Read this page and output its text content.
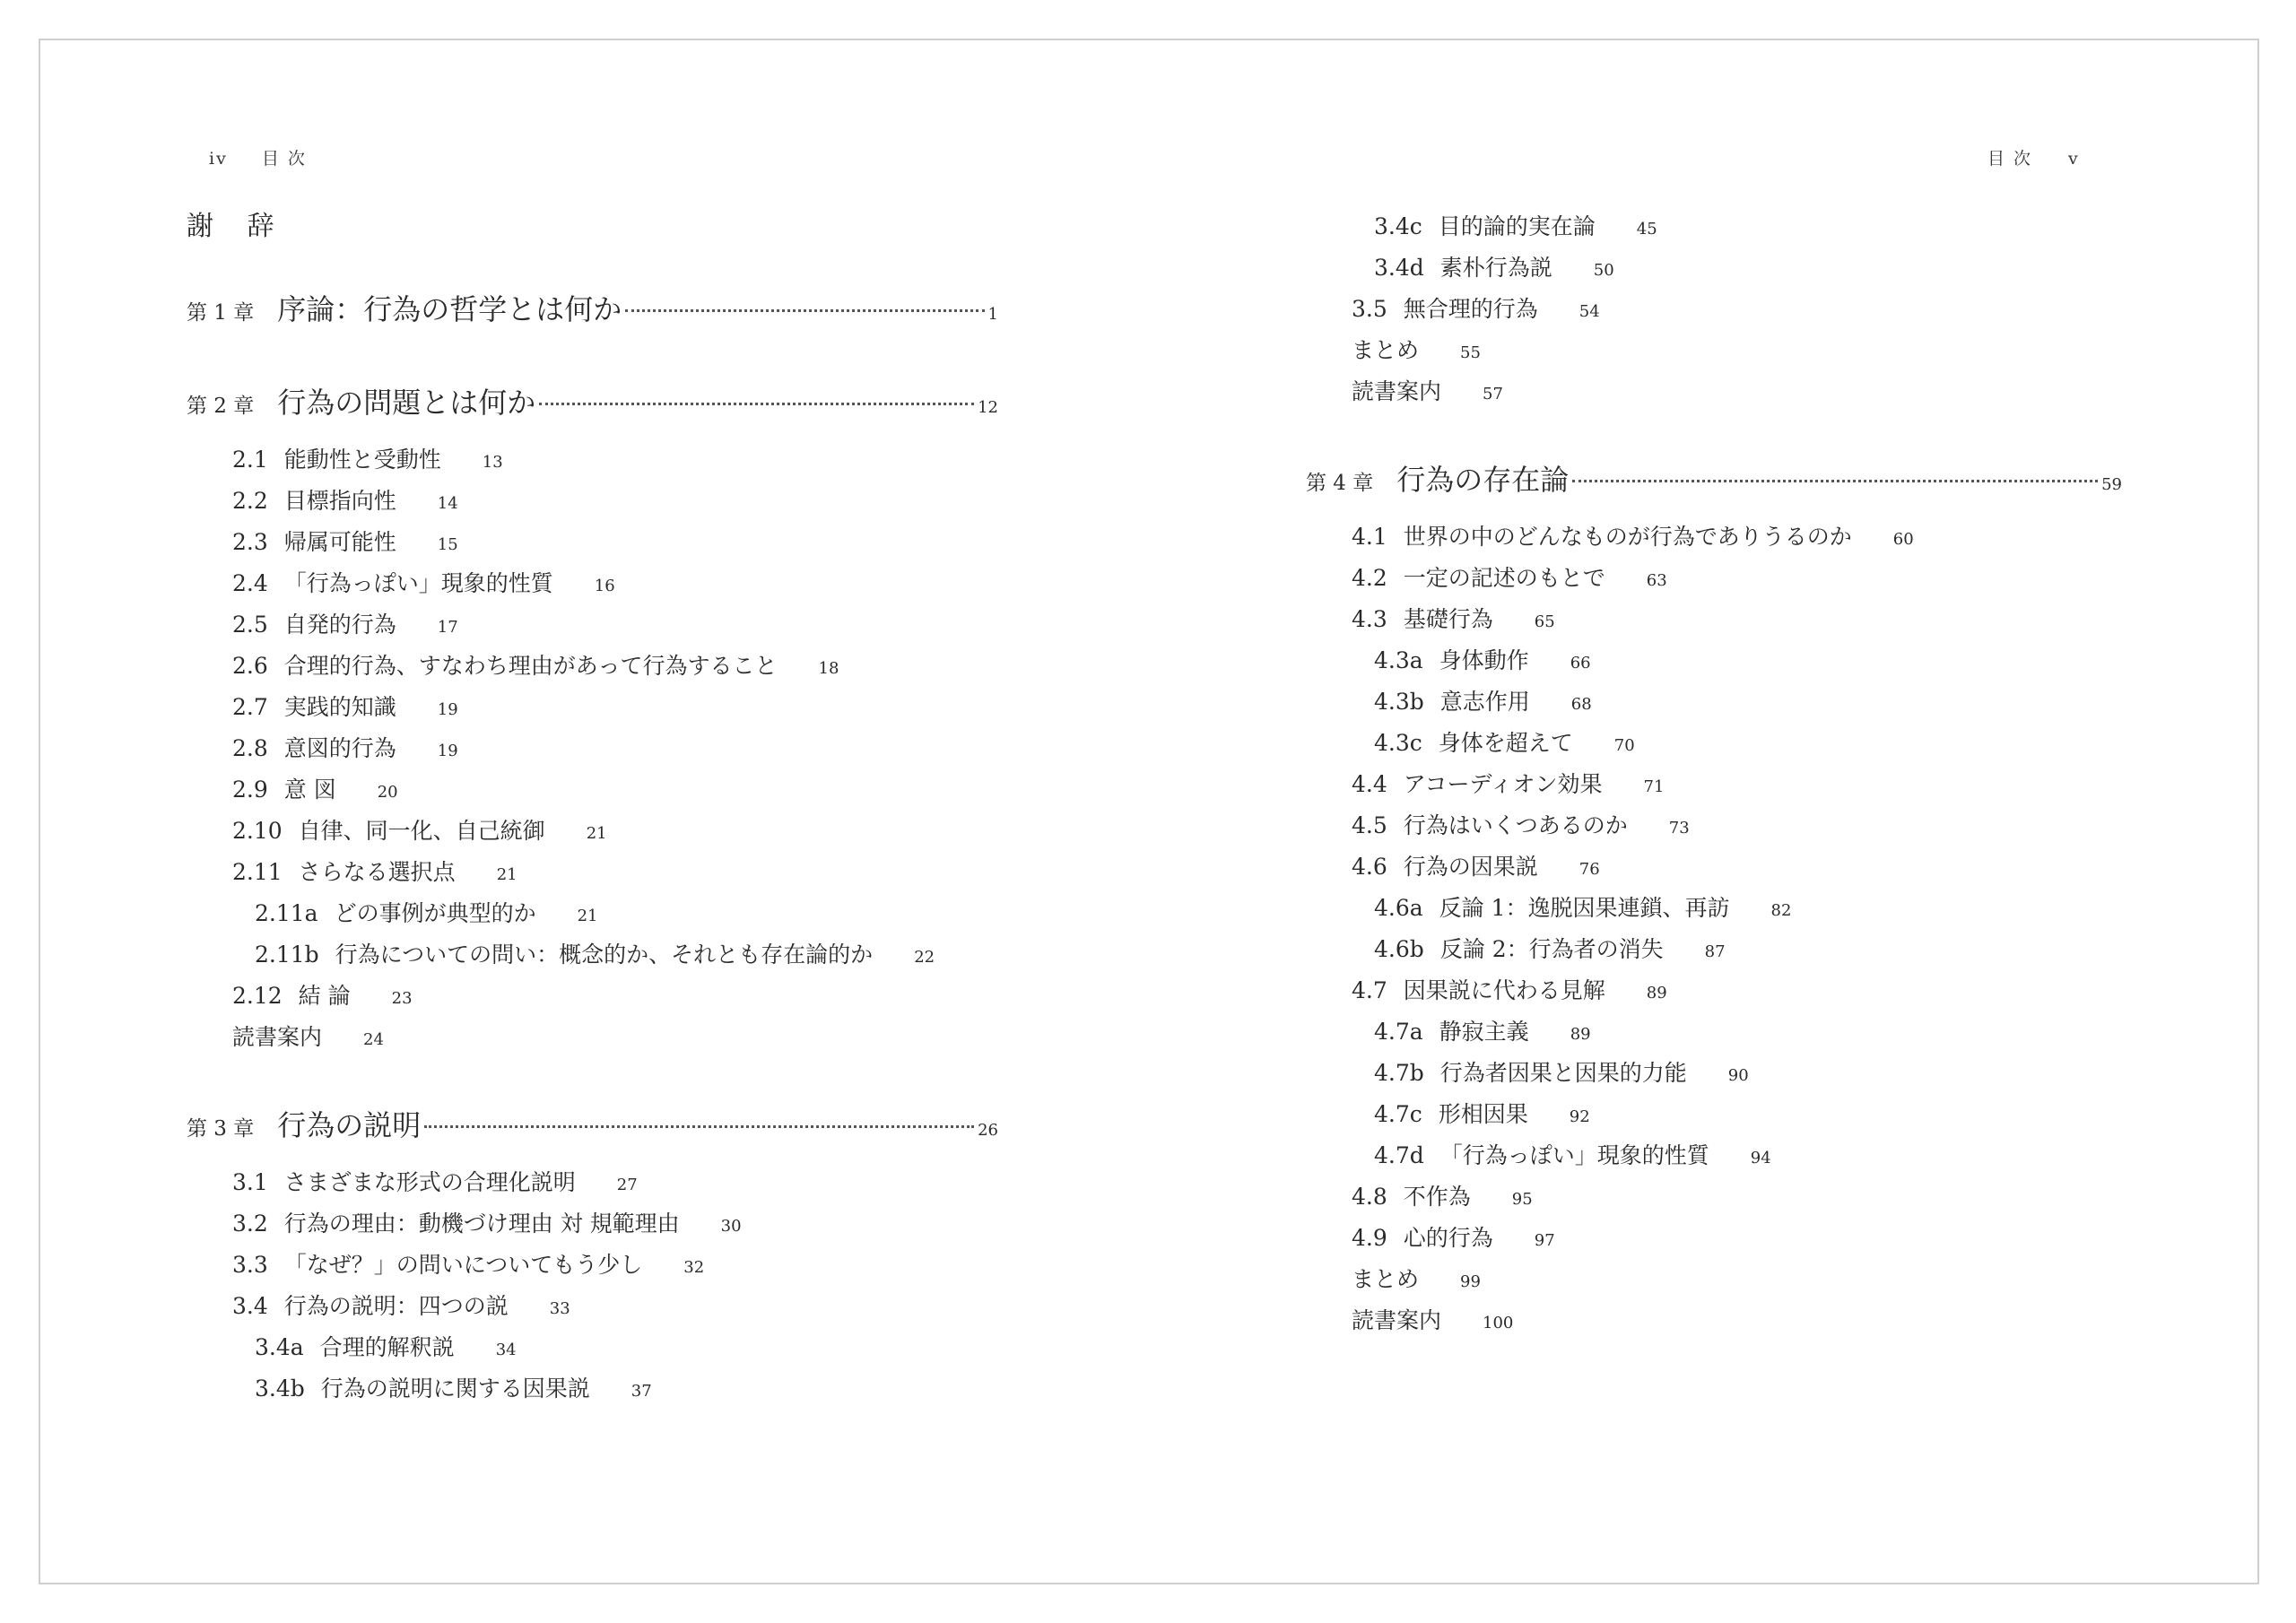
iv 目 次	目 次 v
謝 辞
第 1 章 序論：行為の哲学とは何か	1
第 2 章 行為の問題とは何か	12
2.1 能動性と受動性	13
2.2 目標指向性	14
2.3 帰属可能性	15
2.4 「行為っぽい」現象的性質	16
2.5 自発的行為	17
2.6 合理的行為、すなわち理由があって行為すること	18
2.7 実践的知識	19
2.8 意図的行為	19
2.9 意 図	20
2.10 自律、同一化、自己統御	21
2.11 さらなる選択点	21
2.11a どの事例が典型的か	21
2.11b 行為についての問い：概念的か、それとも存在論的か	22
2.12 結 論	23
読書案内	24
第 3 章 行為の説明	26
3.1 さまざまな形式の合理化説明	27
3.2 行為の理由：動機づけ理由 対 規範理由	30
3.3 「なぜ？」の問いについてもう少し	32
3.4 行為の説明：四つの説	33
3.4a 合理的解釈説	34
3.4b 行為の説明に関する因果説	37
3.4c 目的論的実在論	45
3.4d 素朴行為説	50
3.5 無合理的行為	54
まとめ	55
読書案内	57
第 4 章 行為の存在論	59
4.1 世界の中のどんなものが行為でありうるのか	60
4.2 一定の記述のもとで	63
4.3 基礎行為	65
4.3a 身体動作	66
4.3b 意志作用	68
4.3c 身体を超えて	70
4.4 アコーディオン効果	71
4.5 行為はいくつあるのか	73
4.6 行為の因果説	76
4.6a 反論 1：逸脱因果連鎖、再訪	82
4.6b 反論 2：行為者の消失	87
4.7 因果説に代わる見解	89
4.7a 静寂主義	89
4.7b 行為者因果と因果的力能	90
4.7c 形相因果	92
4.7d 「行為っぽい」現象的性質	94
4.8 不作為	95
4.9 心的行為	97
まとめ	99
読書案内	100
